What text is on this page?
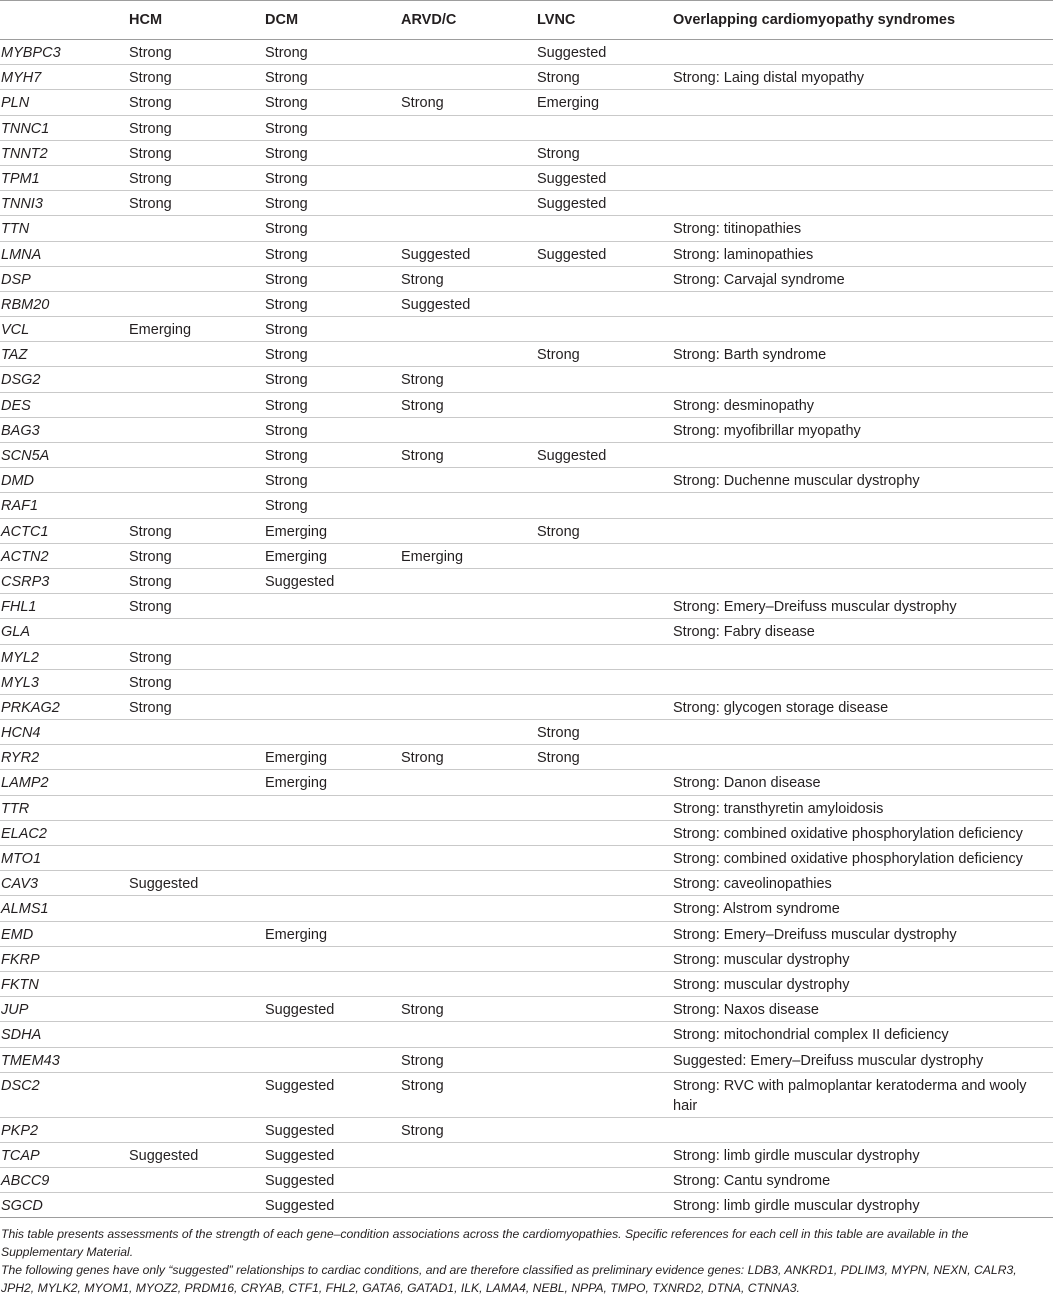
	HCM	DCM	ARVD/C	LVNC	Overlapping cardiomyopathy syndromes
MYBPC3	Strong	Strong		Suggested	
MYH7	Strong	Strong		Strong	Strong: Laing distal myopathy
PLN	Strong	Strong	Strong	Emerging	
TNNC1	Strong	Strong			
TNNT2	Strong	Strong		Strong	
TPM1	Strong	Strong		Suggested	
TNNI3	Strong	Strong		Suggested	
TTN		Strong			Strong: titinopathies
LMNA		Strong	Suggested	Suggested	Strong: laminopathies
DSP		Strong	Strong		Strong: Carvajal syndrome
RBM20		Strong	Suggested		
VCL	Emerging	Strong			
TAZ		Strong		Strong	Strong: Barth syndrome
DSG2		Strong	Strong		
DES		Strong	Strong		Strong: desminopathy
BAG3		Strong			Strong: myofibrillar myopathy
SCN5A		Strong	Strong	Suggested	
DMD		Strong			Strong: Duchenne muscular dystrophy
RAF1		Strong			
ACTC1	Strong	Emerging		Strong	
ACTN2	Strong	Emerging	Emerging		
CSRP3	Strong	Suggested			
FHL1	Strong				Strong: Emery–Dreifuss muscular dystrophy
GLA					Strong: Fabry disease
MYL2	Strong				
MYL3	Strong				
PRKAG2	Strong				Strong: glycogen storage disease
HCN4				Strong	
RYR2		Emerging	Strong	Strong	
LAMP2		Emerging			Strong: Danon disease
TTR					Strong: transthyretin amyloidosis
ELAC2					Strong: combined oxidative phosphorylation deficiency
MTO1					Strong: combined oxidative phosphorylation deficiency
CAV3	Suggested				Strong: caveolinopathies
ALMS1					Strong: Alstrom syndrome
EMD		Emerging			Strong: Emery–Dreifuss muscular dystrophy
FKRP					Strong: muscular dystrophy
FKTN					Strong: muscular dystrophy
JUP		Suggested	Strong		Strong: Naxos disease
SDHA					Strong: mitochondrial complex II deficiency
TMEM43			Strong		Suggested: Emery–Dreifuss muscular dystrophy
DSC2		Suggested	Strong		Strong: RVC with palmoplantar keratoderma and wooly hair
PKP2		Suggested	Strong		
TCAP	Suggested	Suggested			Strong: limb girdle muscular dystrophy
ABCC9		Suggested			Strong: Cantu syndrome
SGCD		Suggested			Strong: limb girdle muscular dystrophy

This table presents assessments of the strength of each gene–condition associations across the cardiomyopathies. Specific references for each cell in this table are available in the Supplementary Material.

The following genes have only “suggested” relationships to cardiac conditions, and are therefore classified as preliminary evidence genes: LDB3, ANKRD1, PDLIM3, MYPN, NEXN, CALR3, JPH2, MYLK2, MYOM1, MYOZ2, PRDM16, CRYAB, CTF1, FHL2, GATA6, GATAD1, ILK, LAMA4, NEBL, NPPA, TMPO, TXNRD2, DTNA, CTNNA3.
